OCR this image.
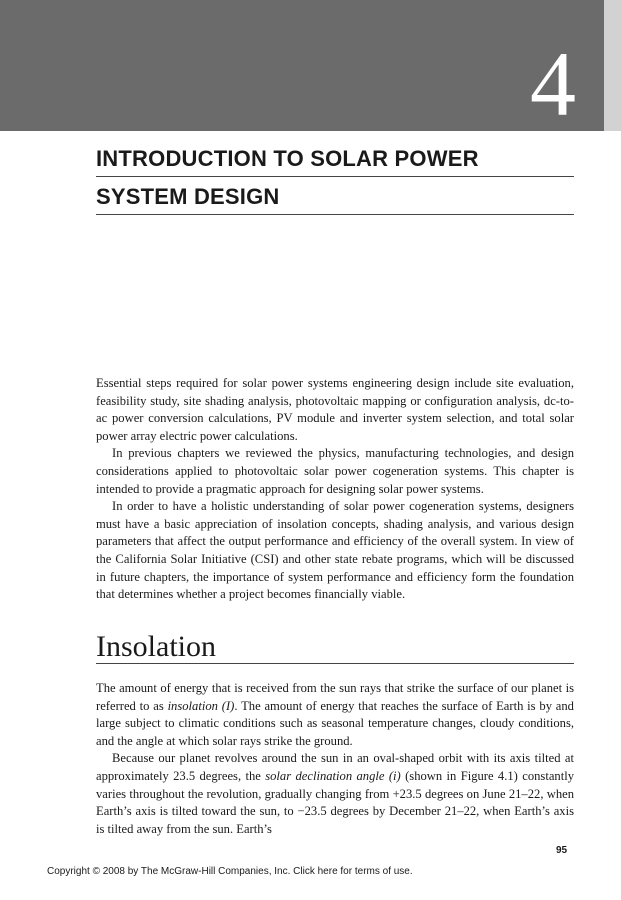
4
INTRODUCTION TO SOLAR POWER
SYSTEM DESIGN

Essential steps required for solar power systems engineering design include site evaluation, feasibility study, site shading analysis, photovoltaic mapping or configuration analysis, dc-to-ac power conversion calculations, PV module and inverter system selection, and total solar power array electric power calculations.

In previous chapters we reviewed the physics, manufacturing technologies, and design considerations applied to photovoltaic solar power cogeneration systems. This chapter is intended to provide a pragmatic approach for designing solar power systems.

In order to have a holistic understanding of solar power cogeneration systems, designers must have a basic appreciation of insolation concepts, shading analysis, and various design parameters that affect the output performance and efficiency of the overall system. In view of the California Solar Initiative (CSI) and other state rebate programs, which will be discussed in future chapters, the importance of system performance and efficiency form the foundation that determines whether a project becomes financially viable.

Insolation

The amount of energy that is received from the sun rays that strike the surface of our planet is referred to as insolation (I). The amount of energy that reaches the surface of Earth is by and large subject to climatic conditions such as seasonal temperature changes, cloudy conditions, and the angle at which solar rays strike the ground.

Because our planet revolves around the sun in an oval-shaped orbit with its axis tilted at approximately 23.5 degrees, the solar declination angle (i) (shown in Figure 4.1) constantly varies throughout the revolution, gradually changing from +23.5 degrees on June 21–22, when Earth’s axis is tilted toward the sun, to −23.5 degrees by December 21–22, when Earth’s axis is tilted away from the sun. Earth’s

95
Copyright © 2008 by The McGraw-Hill Companies, Inc. Click here for terms of use.
